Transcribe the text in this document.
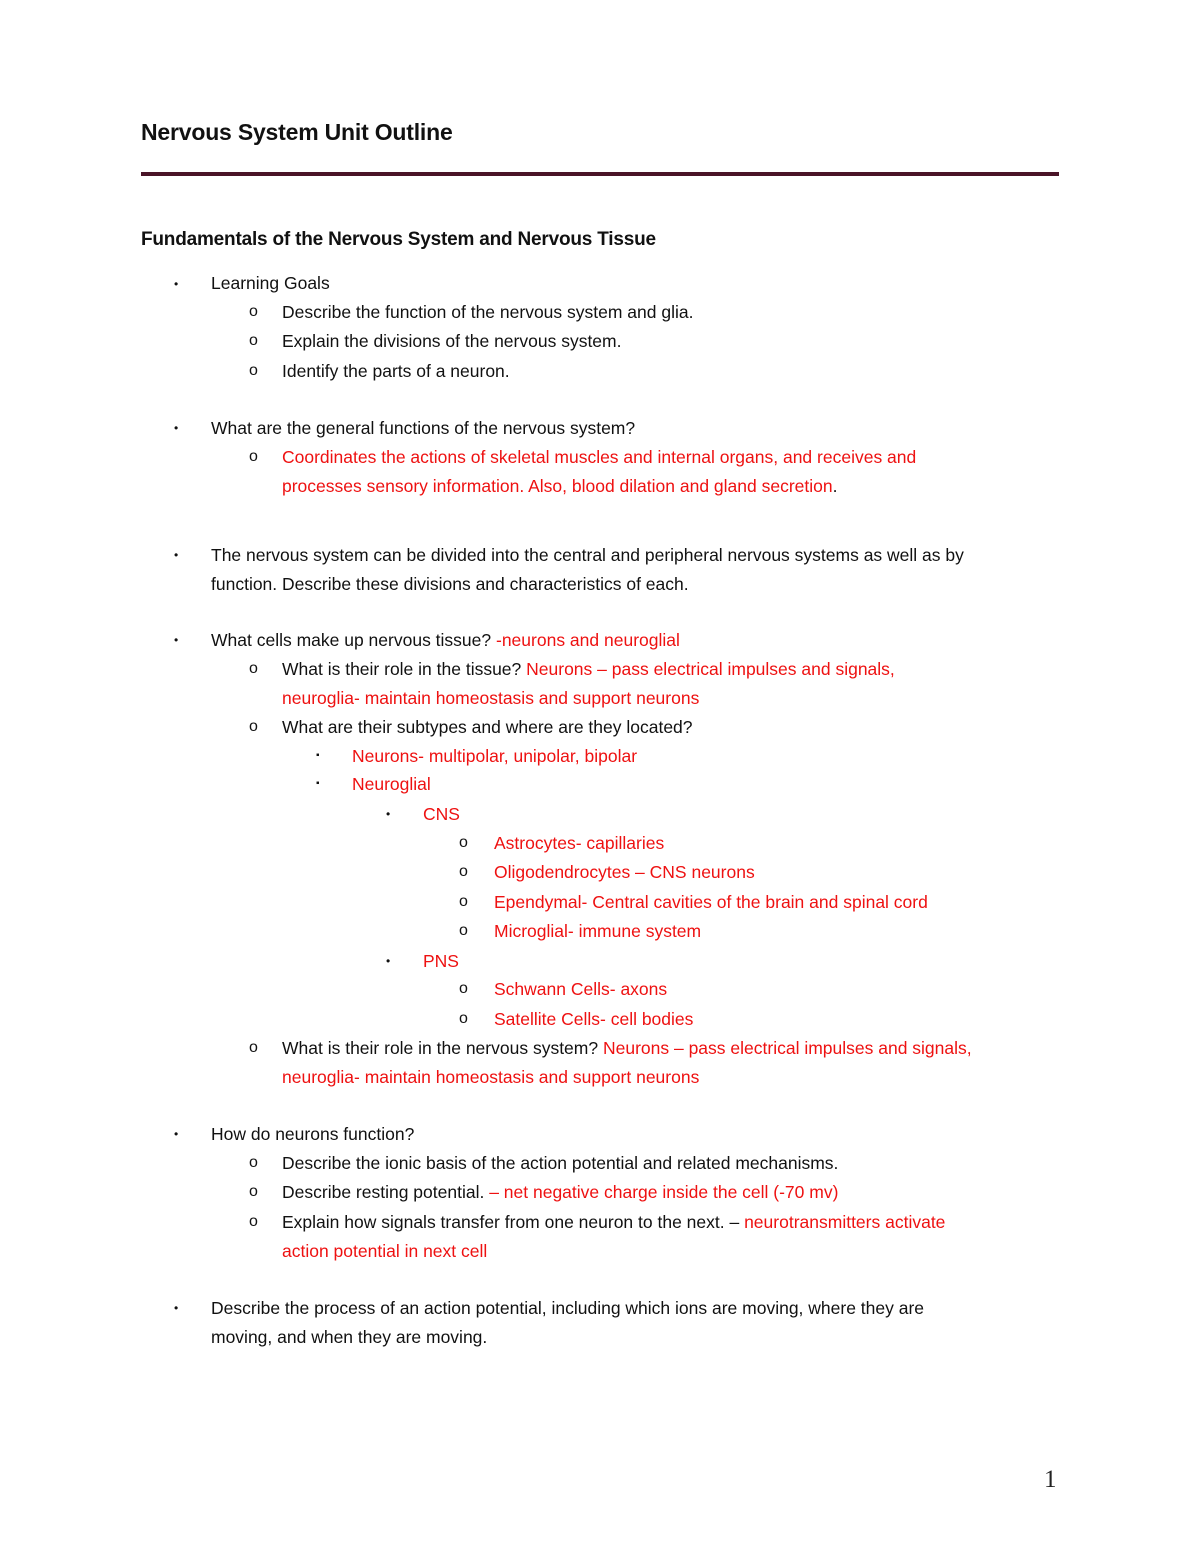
Nervous System Unit Outline
Fundamentals of the Nervous System and Nervous Tissue
• Learning Goals
o Describe the function of the nervous system and glia.
o Explain the divisions of the nervous system.
o Identify the parts of a neuron.
• What are the general functions of the nervous system?
o Coordinates the actions of skeletal muscles and internal organs, and receives and
processes sensory information. Also, blood dilation and gland secretion.
• The nervous system can be divided into the central and peripheral nervous systems as well as by
function. Describe these divisions and characteristics of each.
• What cells make up nervous tissue? -neurons and neuroglial
o What is their role in the tissue? Neurons – pass electrical impulses and signals,
neuroglia- maintain homeostasis and support neurons
o What are their subtypes and where are they located?
▪ Neurons- multipolar, unipolar, bipolar
▪ Neuroglial
• CNS
o Astrocytes- capillaries
o Oligodendrocytes – CNS neurons
o Ependymal- Central cavities of the brain and spinal cord
o Microglial- immune system
• PNS
o Schwann Cells- axons
o Satellite Cells- cell bodies
o What is their role in the nervous system? Neurons – pass electrical impulses and signals,
neuroglia- maintain homeostasis and support neurons
• How do neurons function?
o Describe the ionic basis of the action potential and related mechanisms.
o Describe resting potential. – net negative charge inside the cell (-70 mv)
o Explain how signals transfer from one neuron to the next. – neurotransmitters activate
action potential in next cell
• Describe the process of an action potential, including which ions are moving, where they are
moving, and when they are moving.
1
